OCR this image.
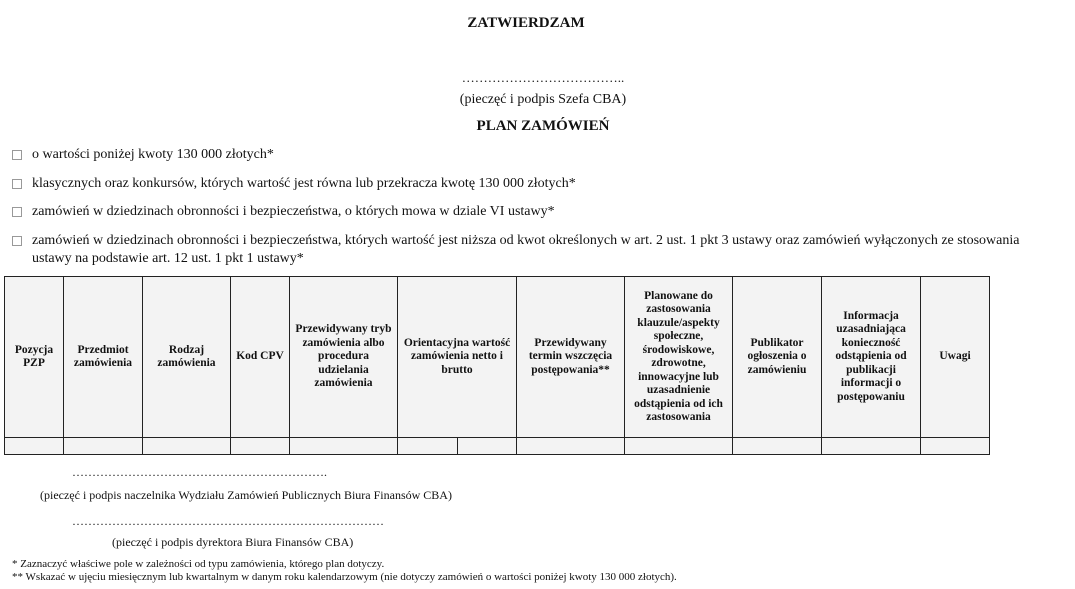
ZATWIERDZAM
………………………………..
(pieczęć i podpis Szefa CBA)
PLAN ZAMÓWIEŃ
o wartości poniżej kwoty 130 000 złotych*
klasycznych oraz konkursów, których wartość jest równa lub przekracza kwotę 130 000 złotych*
zamówień w dziedzinach obronności i bezpieczeństwa, o których mowa w dziale VI ustawy*
zamówień w dziedzinach obronności i bezpieczeństwa, których wartość jest niższa od kwot określonych w art. 2 ust. 1 pkt 3 ustawy oraz zamówień wyłączonych ze stosowania ustawy na podstawie art. 12 ust. 1 pkt 1 ustawy*
Pozycja PZP	Przedmiot zamówienia	Rodzaj zamówienia	Kod CPV	Przewidywany tryb zamówienia albo procedura udzielania zamówienia	Orientacyjna wartość zamówienia netto i brutto		Przewidywany termin wszczęcia postępowania**	Planowane do zastosowania klauzule/aspekty społeczne, środowiskowe, zdrowotne, innowacyjne lub uzasadnienie odstąpienia od ich zastosowania	Publikator ogłoszenia o zamówieniu	Informacja uzasadniająca konieczność odstąpienia od publikacji informacji o postępowaniu	Uwagi

……………………………………………………….
(pieczęć i podpis naczelnika Wydziału Zamówień Publicznych Biura Finansów CBA)
……………………………………………………………………
(pieczęć i podpis dyrektora Biura Finansów CBA)
* Zaznaczyć właściwe pole w zależności od typu zamówienia, którego plan dotyczy.
** Wskazać w ujęciu miesięcznym lub kwartalnym w danym roku kalendarzowym (nie dotyczy zamówień o wartości poniżej kwoty 130 000 złotych).
